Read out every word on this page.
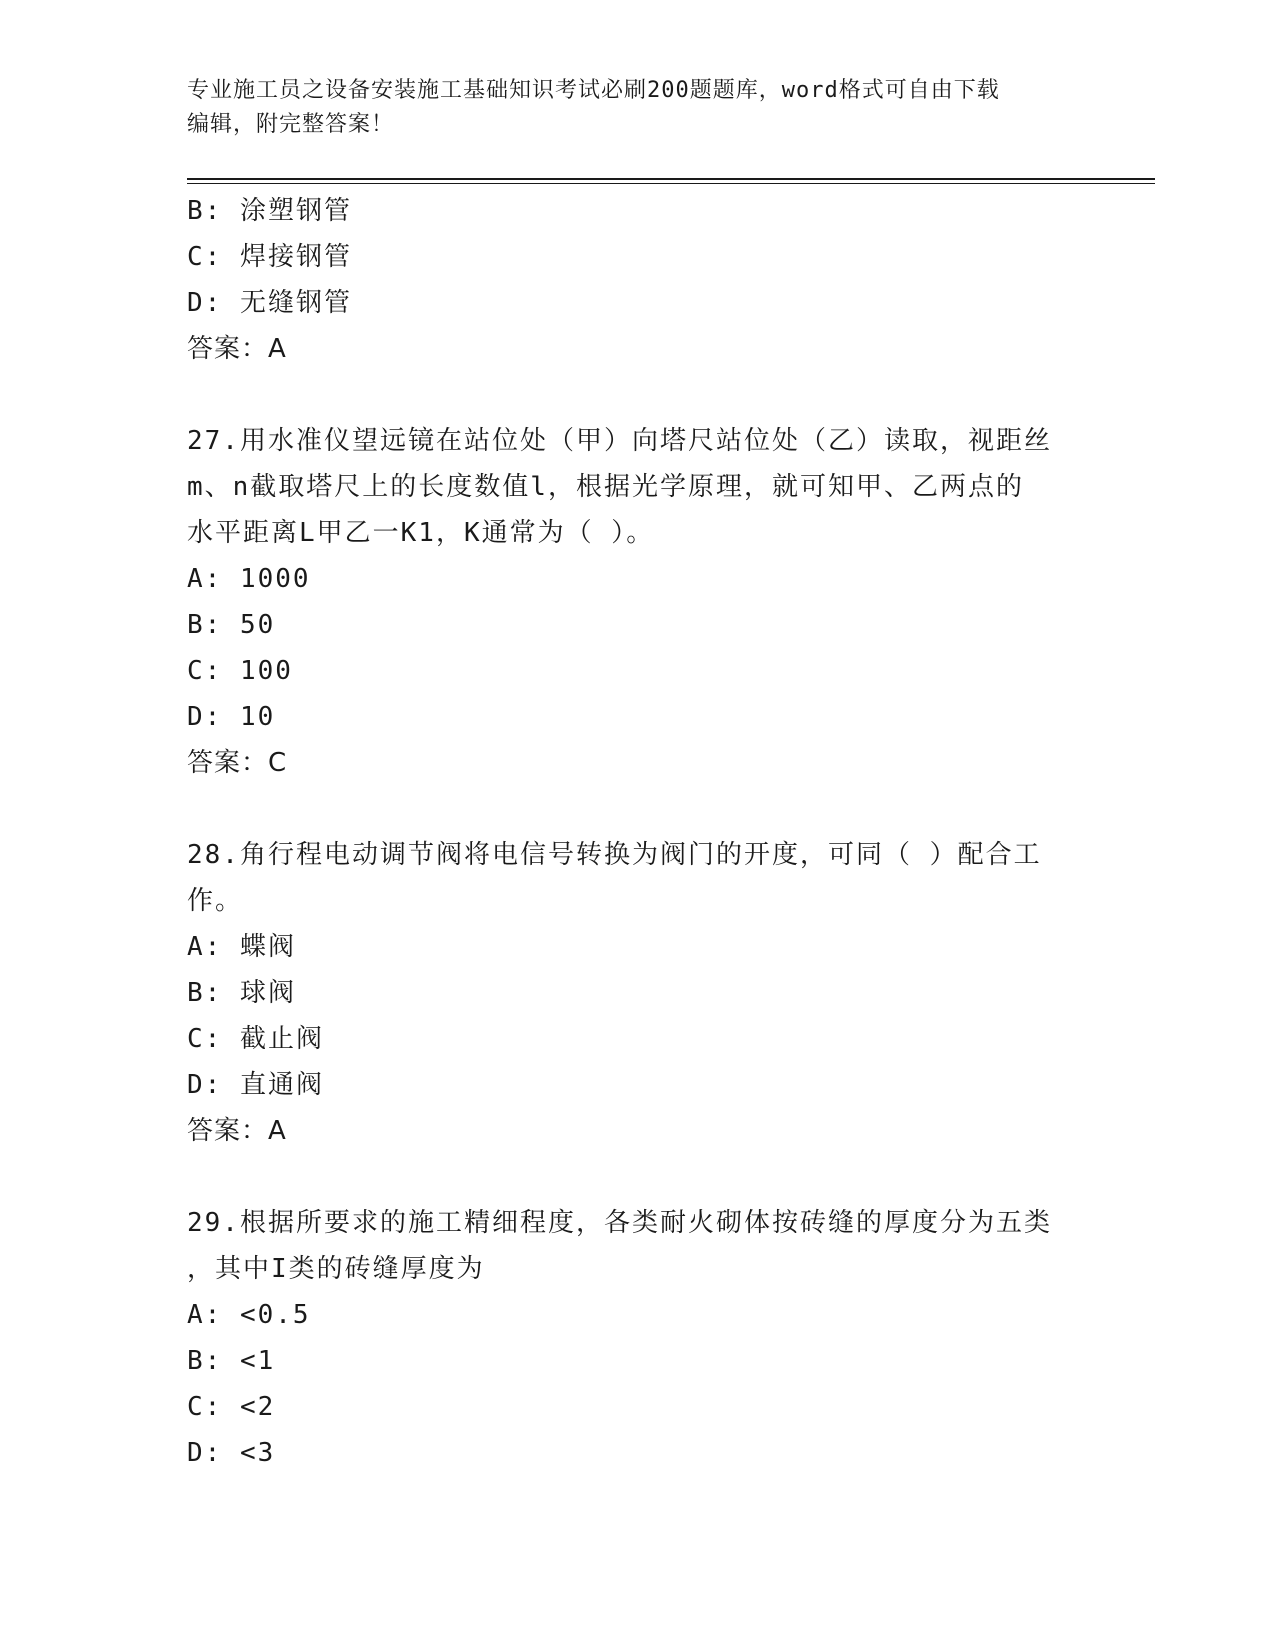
专业施工员之设备安装施工基础知识考试必刷200题题库，word格式可自由下载
编辑，附完整答案！
B: 涂塑钢管
C: 焊接钢管
D: 无缝钢管
答案：A
27.用水准仪望远镜在站位处（甲）向塔尺站位处（乙）读取，视距丝
m、n截取塔尺上的长度数值l，根据光学原理，就可知甲、乙两点的
水平距离L甲乙一K1，K通常为（ ）。
A: 1000
B: 50
C: 100
D: 10
答案：C
28.角行程电动调节阀将电信号转换为阀门的开度，可同（ ）配合工
作。
A: 蝶阀
B: 球阀
C: 截止阀
D: 直通阀
答案：A
29.根据所要求的施工精细程度，各类耐火砌体按砖缝的厚度分为五类
，其中I类的砖缝厚度为
A: <0.5
B: <1
C: <2
D: <3
